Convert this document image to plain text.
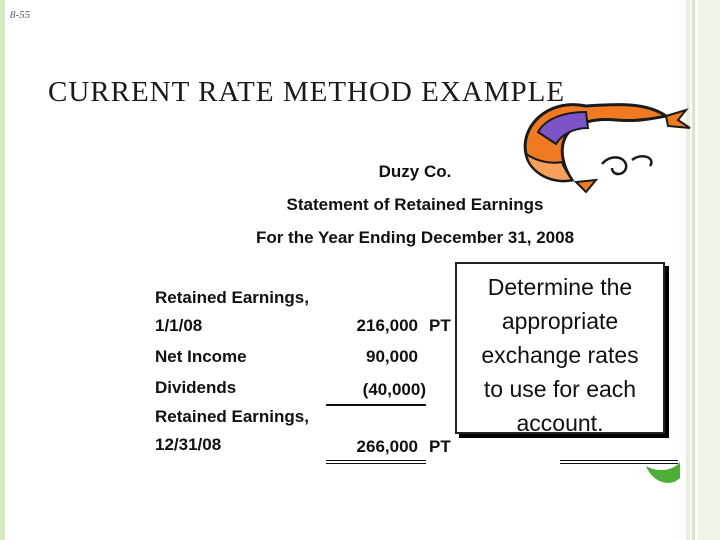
8-55
CURRENT RATE METHOD EXAMPLE
Duzy Co.
Statement of Retained Earnings
For the Year Ending December 31, 2008
Retained Earnings,
1/1/08	216,000 PT
Net Income	90,000
Dividends	(40,000)
Retained Earnings,
12/31/08	266,000 PT
Determine the
appropriate
exchange rates
to use for each
account.
